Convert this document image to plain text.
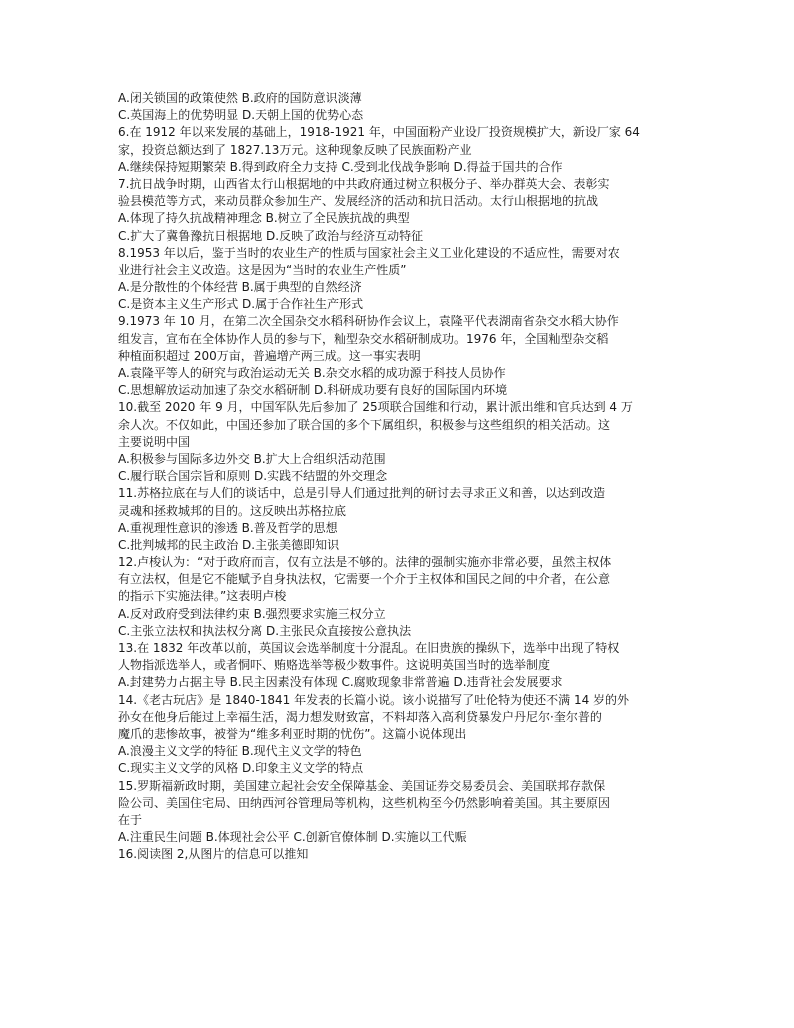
A.闭关锁国的政策使然 B.政府的国防意识淡薄
C.英国海上的优势明显 D.天朝上国的优势心态
6.在 1912 年以来发展的基础上，1918-1921 年，中国面粉产业设厂投资规模扩大，新设厂家 64
家，投资总额达到了 1827.13万元。这种现象反映了民族面粉产业
A.继续保持短期繁荣 B.得到政府全力支持 C.受到北伐战争影响 D.得益于国共的合作
7.抗日战争时期，山西省太行山根据地的中共政府通过树立积极分子、举办群英大会、表彰实
验县模范等方式，来动员群众参加生产、发展经济的活动和抗日活动。太行山根据地的抗战
A.体现了持久抗战精神理念 B.树立了全民族抗战的典型
C.扩大了冀鲁豫抗日根据地 D.反映了政治与经济互动特征
8.1953 年以后，鉴于当时的农业生产的性质与国家社会主义工业化建设的不适应性，需要对农
业进行社会主义改造。这是因为“当时的农业生产性质”
A.是分散性的个体经营 B.属于典型的自然经济
C.是资本主义生产形式 D.属于合作社生产形式
9.1973 年 10 月，在第二次全国杂交水稻科研协作会议上，袁隆平代表湖南省杂交水稻大协作
组发言，宣布在全体协作人员的参与下，籼型杂交水稻研制成功。1976 年，全国籼型杂交稻
种植面积超过 200万亩，普遍增产两三成。这一事实表明
A.袁隆平等人的研究与政治运动无关 B.杂交水稻的成功源于科技人员协作
C.思想解放运动加速了杂交水稻研制 D.科研成功要有良好的国际国内环境
10.截至 2020 年 9 月，中国军队先后参加了 25项联合国维和行动，累计派出维和官兵达到 4 万
余人次。不仅如此，中国还参加了联合国的多个下属组织，积极参与这些组织的相关活动。这
主要说明中国
A.积极参与国际多边外交 B.扩大上合组织活动范围
C.履行联合国宗旨和原则 D.实践不结盟的外交理念
11.苏格拉底在与人们的谈话中，总是引导人们通过批判的研讨去寻求正义和善，以达到改造
灵魂和拯救城邦的目的。这反映出苏格拉底
A.重视理性意识的渗透 B.普及哲学的思想
C.批判城邦的民主政治 D.主张美德即知识
12.卢梭认为：“对于政府而言，仅有立法是不够的。法律的强制实施亦非常必要，虽然主权体
有立法权，但是它不能赋予自身执法权，它需要一个介于主权体和国民之间的中介者，在公意
的指示下实施法律。”这表明卢梭
A.反对政府受到法律约束 B.强烈要求实施三权分立
C.主张立法权和执法权分离 D.主张民众直接按公意执法
13.在 1832 年改革以前，英国议会选举制度十分混乱。在旧贵族的操纵下，选举中出现了特权
人物指派选举人，或者恫吓、贿赂选举等极少数事件。这说明英国当时的选举制度
A.封建势力占据主导 B.民主因素没有体现 C.腐败现象非常普遍 D.违背社会发展要求
14.《老古玩店》是 1840-1841 年发表的长篇小说。该小说描写了吐伦特为使还不满 14 岁的外
孙女在他身后能过上幸福生活，渴力想发财致富，不料却落入高利贷暴发户丹尼尔·奎尔普的
魔爪的悲惨故事，被誉为“维多利亚时期的忧伤”。这篇小说体现出
A.浪漫主义文学的特征 B.现代主义文学的特色
C.现实主义文学的风格 D.印象主义文学的特点
15.罗斯福新政时期，美国建立起社会安全保障基金、美国证券交易委员会、美国联邦存款保
险公司、美国住宅局、田纳西河谷管理局等机构，这些机构至今仍然影响着美国。其主要原因
在于
A.注重民生问题 B.体现社会公平 C.创新官僚体制 D.实施以工代赈
16.阅读图 2,从图片的信息可以推知
